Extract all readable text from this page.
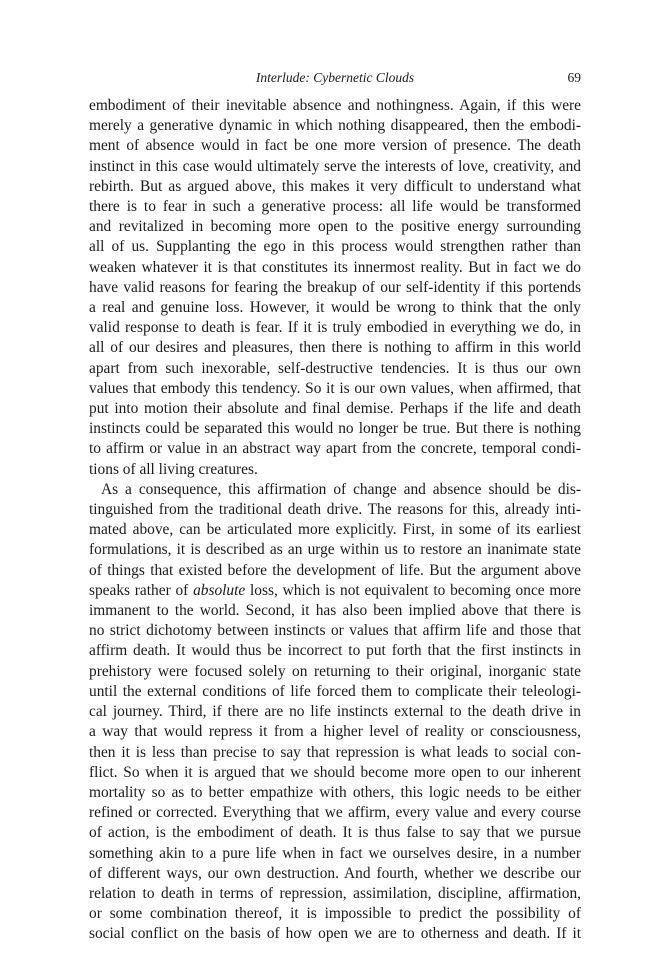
Interlude: Cybernetic Clouds	69
embodiment of their inevitable absence and nothingness. Again, if this were
merely a generative dynamic in which nothing disappeared, then the embodi-
ment of absence would in fact be one more version of presence. The death
instinct in this case would ultimately serve the interests of love, creativity, and
rebirth. But as argued above, this makes it very difficult to understand what
there is to fear in such a generative process: all life would be transformed
and revitalized in becoming more open to the positive energy surrounding
all of us. Supplanting the ego in this process would strengthen rather than
weaken whatever it is that constitutes its innermost reality. But in fact we do
have valid reasons for fearing the breakup of our self-identity if this portends
a real and genuine loss. However, it would be wrong to think that the only
valid response to death is fear. If it is truly embodied in everything we do, in
all of our desires and pleasures, then there is nothing to affirm in this world
apart from such inexorable, self-destructive tendencies. It is thus our own
values that embody this tendency. So it is our own values, when affirmed, that
put into motion their absolute and final demise. Perhaps if the life and death
instincts could be separated this would no longer be true. But there is nothing
to affirm or value in an abstract way apart from the concrete, temporal condi-
tions of all living creatures.
As a consequence, this affirmation of change and absence should be dis-
tinguished from the traditional death drive. The reasons for this, already inti-
mated above, can be articulated more explicitly. First, in some of its earliest
formulations, it is described as an urge within us to restore an inanimate state
of things that existed before the development of life. But the argument above
speaks rather of absolute loss, which is not equivalent to becoming once more
immanent to the world. Second, it has also been implied above that there is
no strict dichotomy between instincts or values that affirm life and those that
affirm death. It would thus be incorrect to put forth that the first instincts in
prehistory were focused solely on returning to their original, inorganic state
until the external conditions of life forced them to complicate their teleologi-
cal journey. Third, if there are no life instincts external to the death drive in
a way that would repress it from a higher level of reality or consciousness,
then it is less than precise to say that repression is what leads to social con-
flict. So when it is argued that we should become more open to our inherent
mortality so as to better empathize with others, this logic needs to be either
refined or corrected. Everything that we affirm, every value and every course
of action, is the embodiment of death. It is thus false to say that we pursue
something akin to a pure life when in fact we ourselves desire, in a number
of different ways, our own destruction. And fourth, whether we describe our
relation to death in terms of repression, assimilation, discipline, affirmation,
or some combination thereof, it is impossible to predict the possibility of
social conflict on the basis of how open we are to otherness and death. If it
